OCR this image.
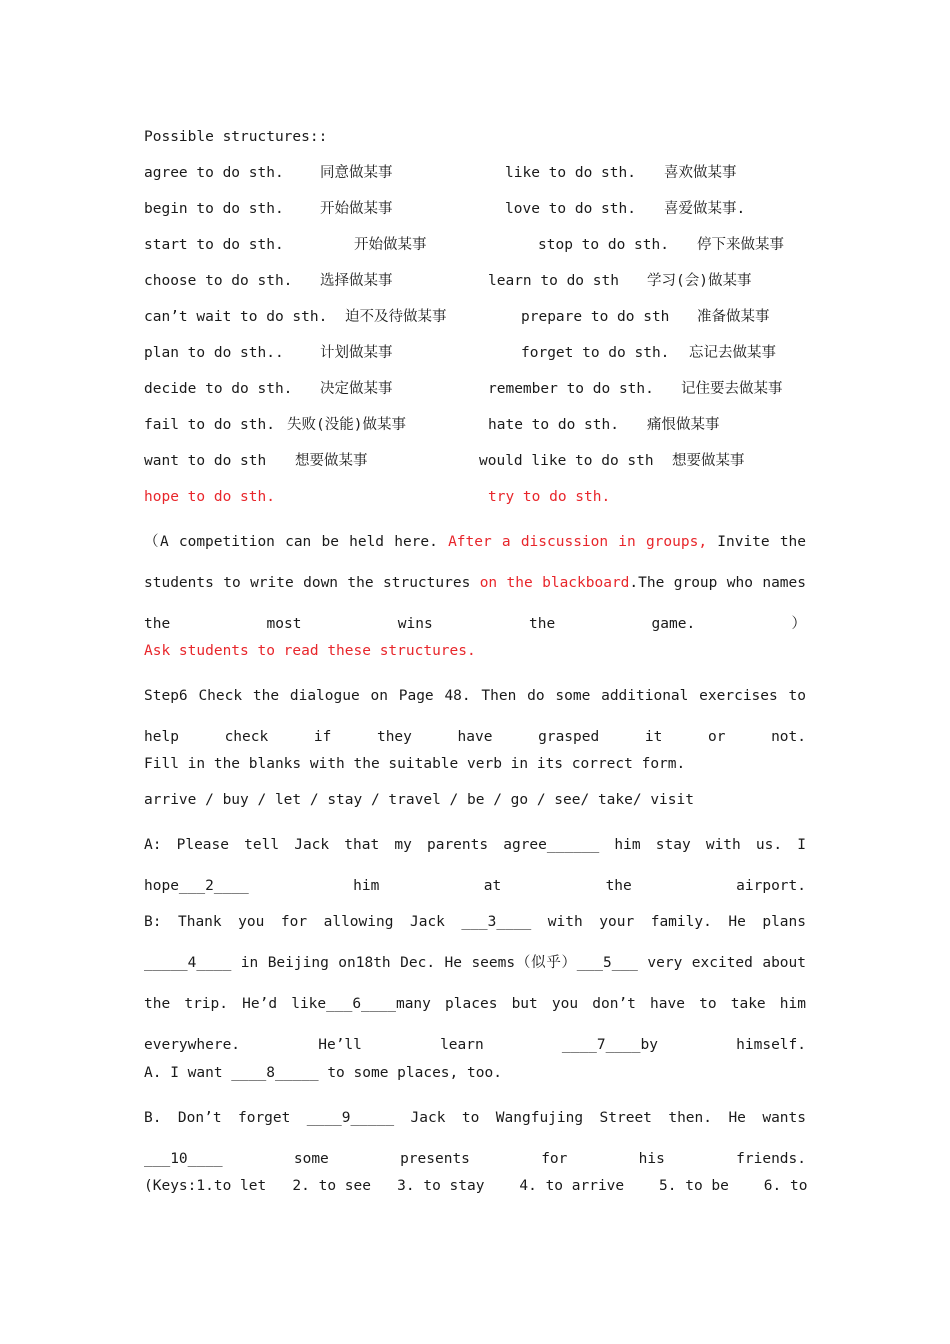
Possible structures::
agree to do sth.	同意做某事	like to do sth. 喜欢做某事
begin to do sth.	开始做某事	love to do sth. 喜爱做某事.
start to do sth.	开始做某事	stop to do sth. 停下来做某事
choose to do sth. 选择做某事	learn to do sth 学习(会)做某事
can’t wait to do sth. 迫不及待做某事	prepare to do sth 准备做某事
plan to do sth..	计划做某事	forget to do sth. 忘记去做某事
decide to do sth. 决定做某事	remember to do sth. 记住要去做某事
fail to do sth. 失败(没能)做某事	hate to do sth. 痛恨做某事
want to do sth 想要做某事	would like to do sth 想要做某事
hope to do sth.	try to do sth.
（A competition can be held here. After a discussion in groups, Invite the students to write down the structures on the blackboard.The group who names the most wins the game. ）
Ask students to read these structures.
Step6 Check the dialogue on Page 48. Then do some additional exercises to help check if they have grasped it or not.
Fill in the blanks with the suitable verb in its correct form.
arrive / buy / let / stay / travel / be / go / see/ take/ visit
A: Please tell Jack that my parents agree______ him stay with us. I hope___2____ him at the airport.
B: Thank you for allowing Jack ___3____ with your family. He plans _____4____ in Beijing on18th Dec. He seems（似乎）___5___ very excited about the trip. He’d like___6____many places but you don’t have to take him everywhere. He’ll learn ____7____by himself.
A. I want ____8_____ to some places, too.
B. Don’t forget ____9_____ Jack to Wangfujing Street then. He wants ___10____ some presents for his friends.
(Keys:1.to let   2. to see   3. to stay    4. to arrive    5. to be    6. to
